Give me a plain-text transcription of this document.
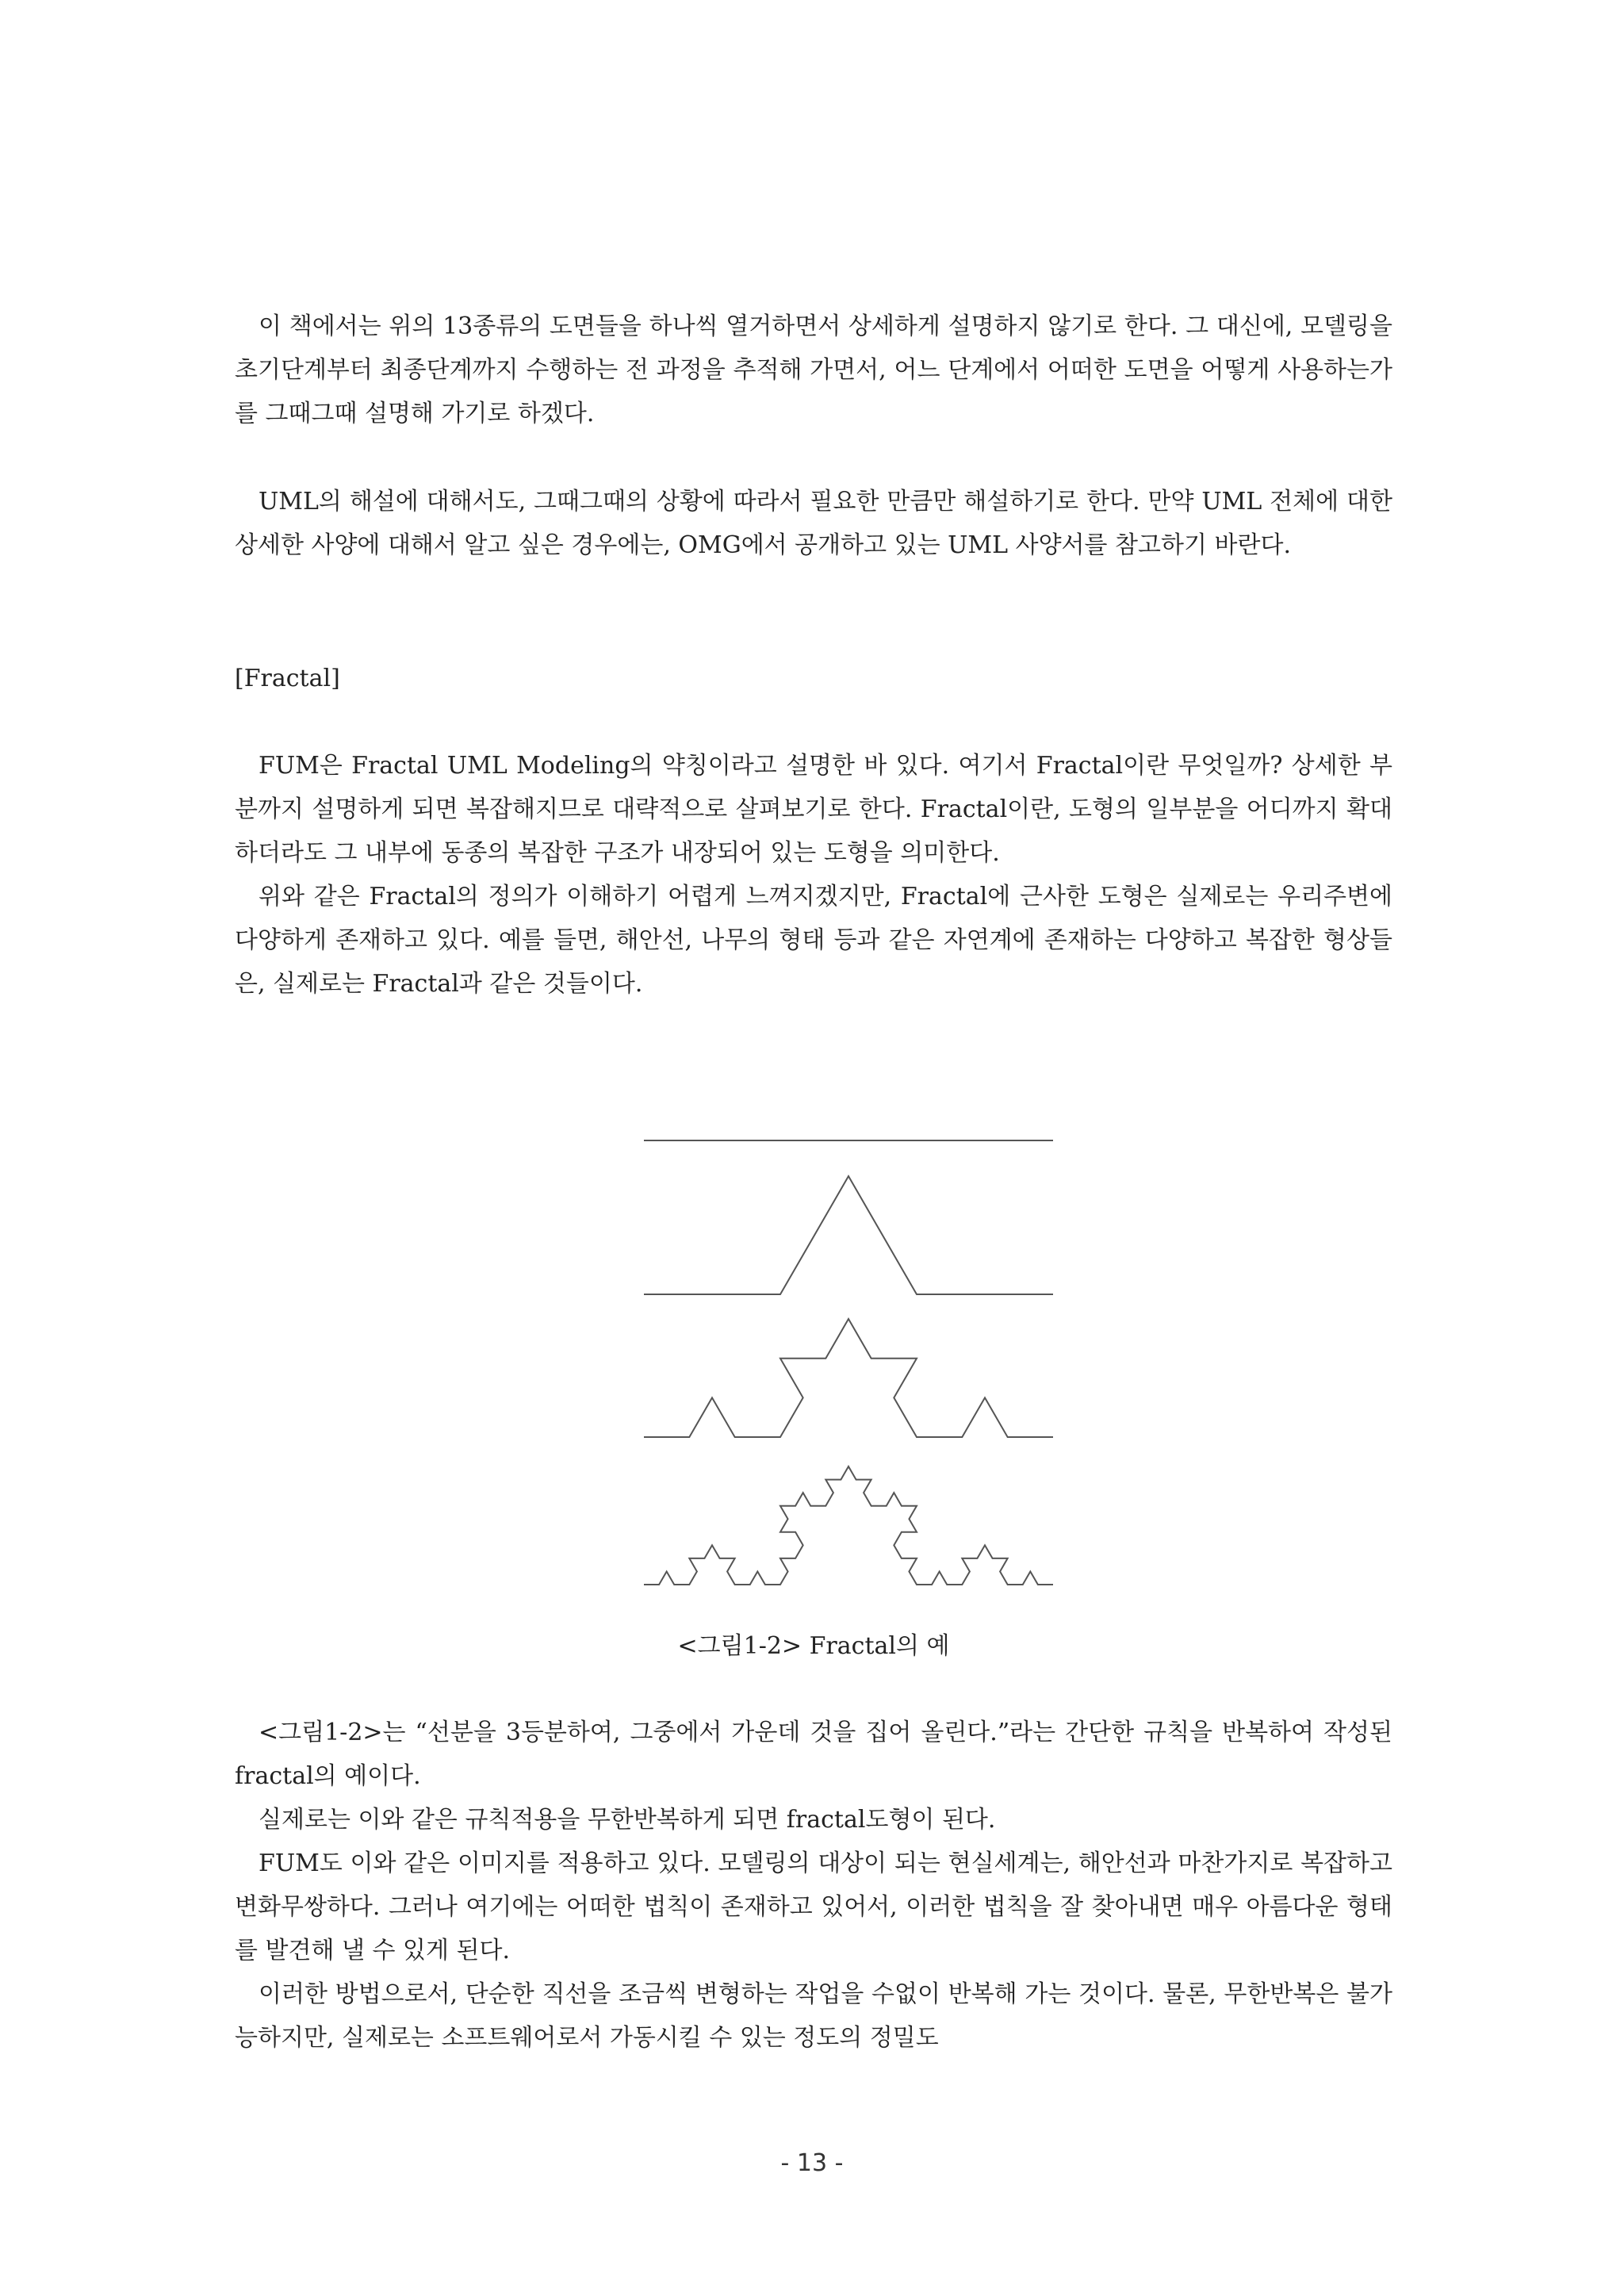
이 책에서는 위의 13종류의 도면들을 하나씩 열거하면서 상세하게 설명하지 않기로 한다. 그 대신에, 모델링을 초기단계부터 최종단계까지 수행하는 전 과정을 추적해 가면서, 어느 단계에서 어떠한 도면을 어떻게 사용하는가를 그때그때 설명해 가기로 하겠다.

UML의 해설에 대해서도, 그때그때의 상황에 따라서 필요한 만큼만 해설하기로 한다. 만약 UML 전체에 대한 상세한 사양에 대해서 알고 싶은 경우에는, OMG에서 공개하고 있는 UML 사양서를 참고하기 바란다.

[Fractal]

FUM은 Fractal UML Modeling의 약칭이라고 설명한 바 있다. 여기서 Fractal이란 무엇일까? 상세한 부분까지 설명하게 되면 복잡해지므로 대략적으로 살펴보기로 한다. Fractal이란, 도형의 일부분을 어디까지 확대하더라도 그 내부에 동종의 복잡한 구조가 내장되어 있는 도형을 의미한다.

위와 같은 Fractal의 정의가 이해하기 어렵게 느껴지겠지만, Fractal에 근사한 도형은 실제로는 우리주변에 다양하게 존재하고 있다. 예를 들면, 해안선, 나무의 형태 등과 같은 자연계에 존재하는 다양하고 복잡한 형상들은, 실제로는 Fractal과 같은 것들이다.

<그림1-2> Fractal의 예

<그림1-2>는 “선분을 3등분하여, 그중에서 가운데 것을 집어 올린다.”라는 간단한 규칙을 반복하여 작성된 fractal의 예이다.

실제로는 이와 같은 규칙적용을 무한반복하게 되면 fractal도형이 된다.

FUM도 이와 같은 이미지를 적용하고 있다. 모델링의 대상이 되는 현실세계는, 해안선과 마찬가지로 복잡하고 변화무쌍하다. 그러나 여기에는 어떠한 법칙이 존재하고 있어서, 이러한 법칙을 잘 찾아내면 매우 아름다운 형태를 발견해 낼 수 있게 된다.

이러한 방법으로서, 단순한 직선을 조금씩 변형하는 작업을 수없이 반복해 가는 것이다. 물론, 무한반복은 불가능하지만, 실제로는 소프트웨어로서 가동시킬 수 있는 정도의 정밀도

- 13 -
